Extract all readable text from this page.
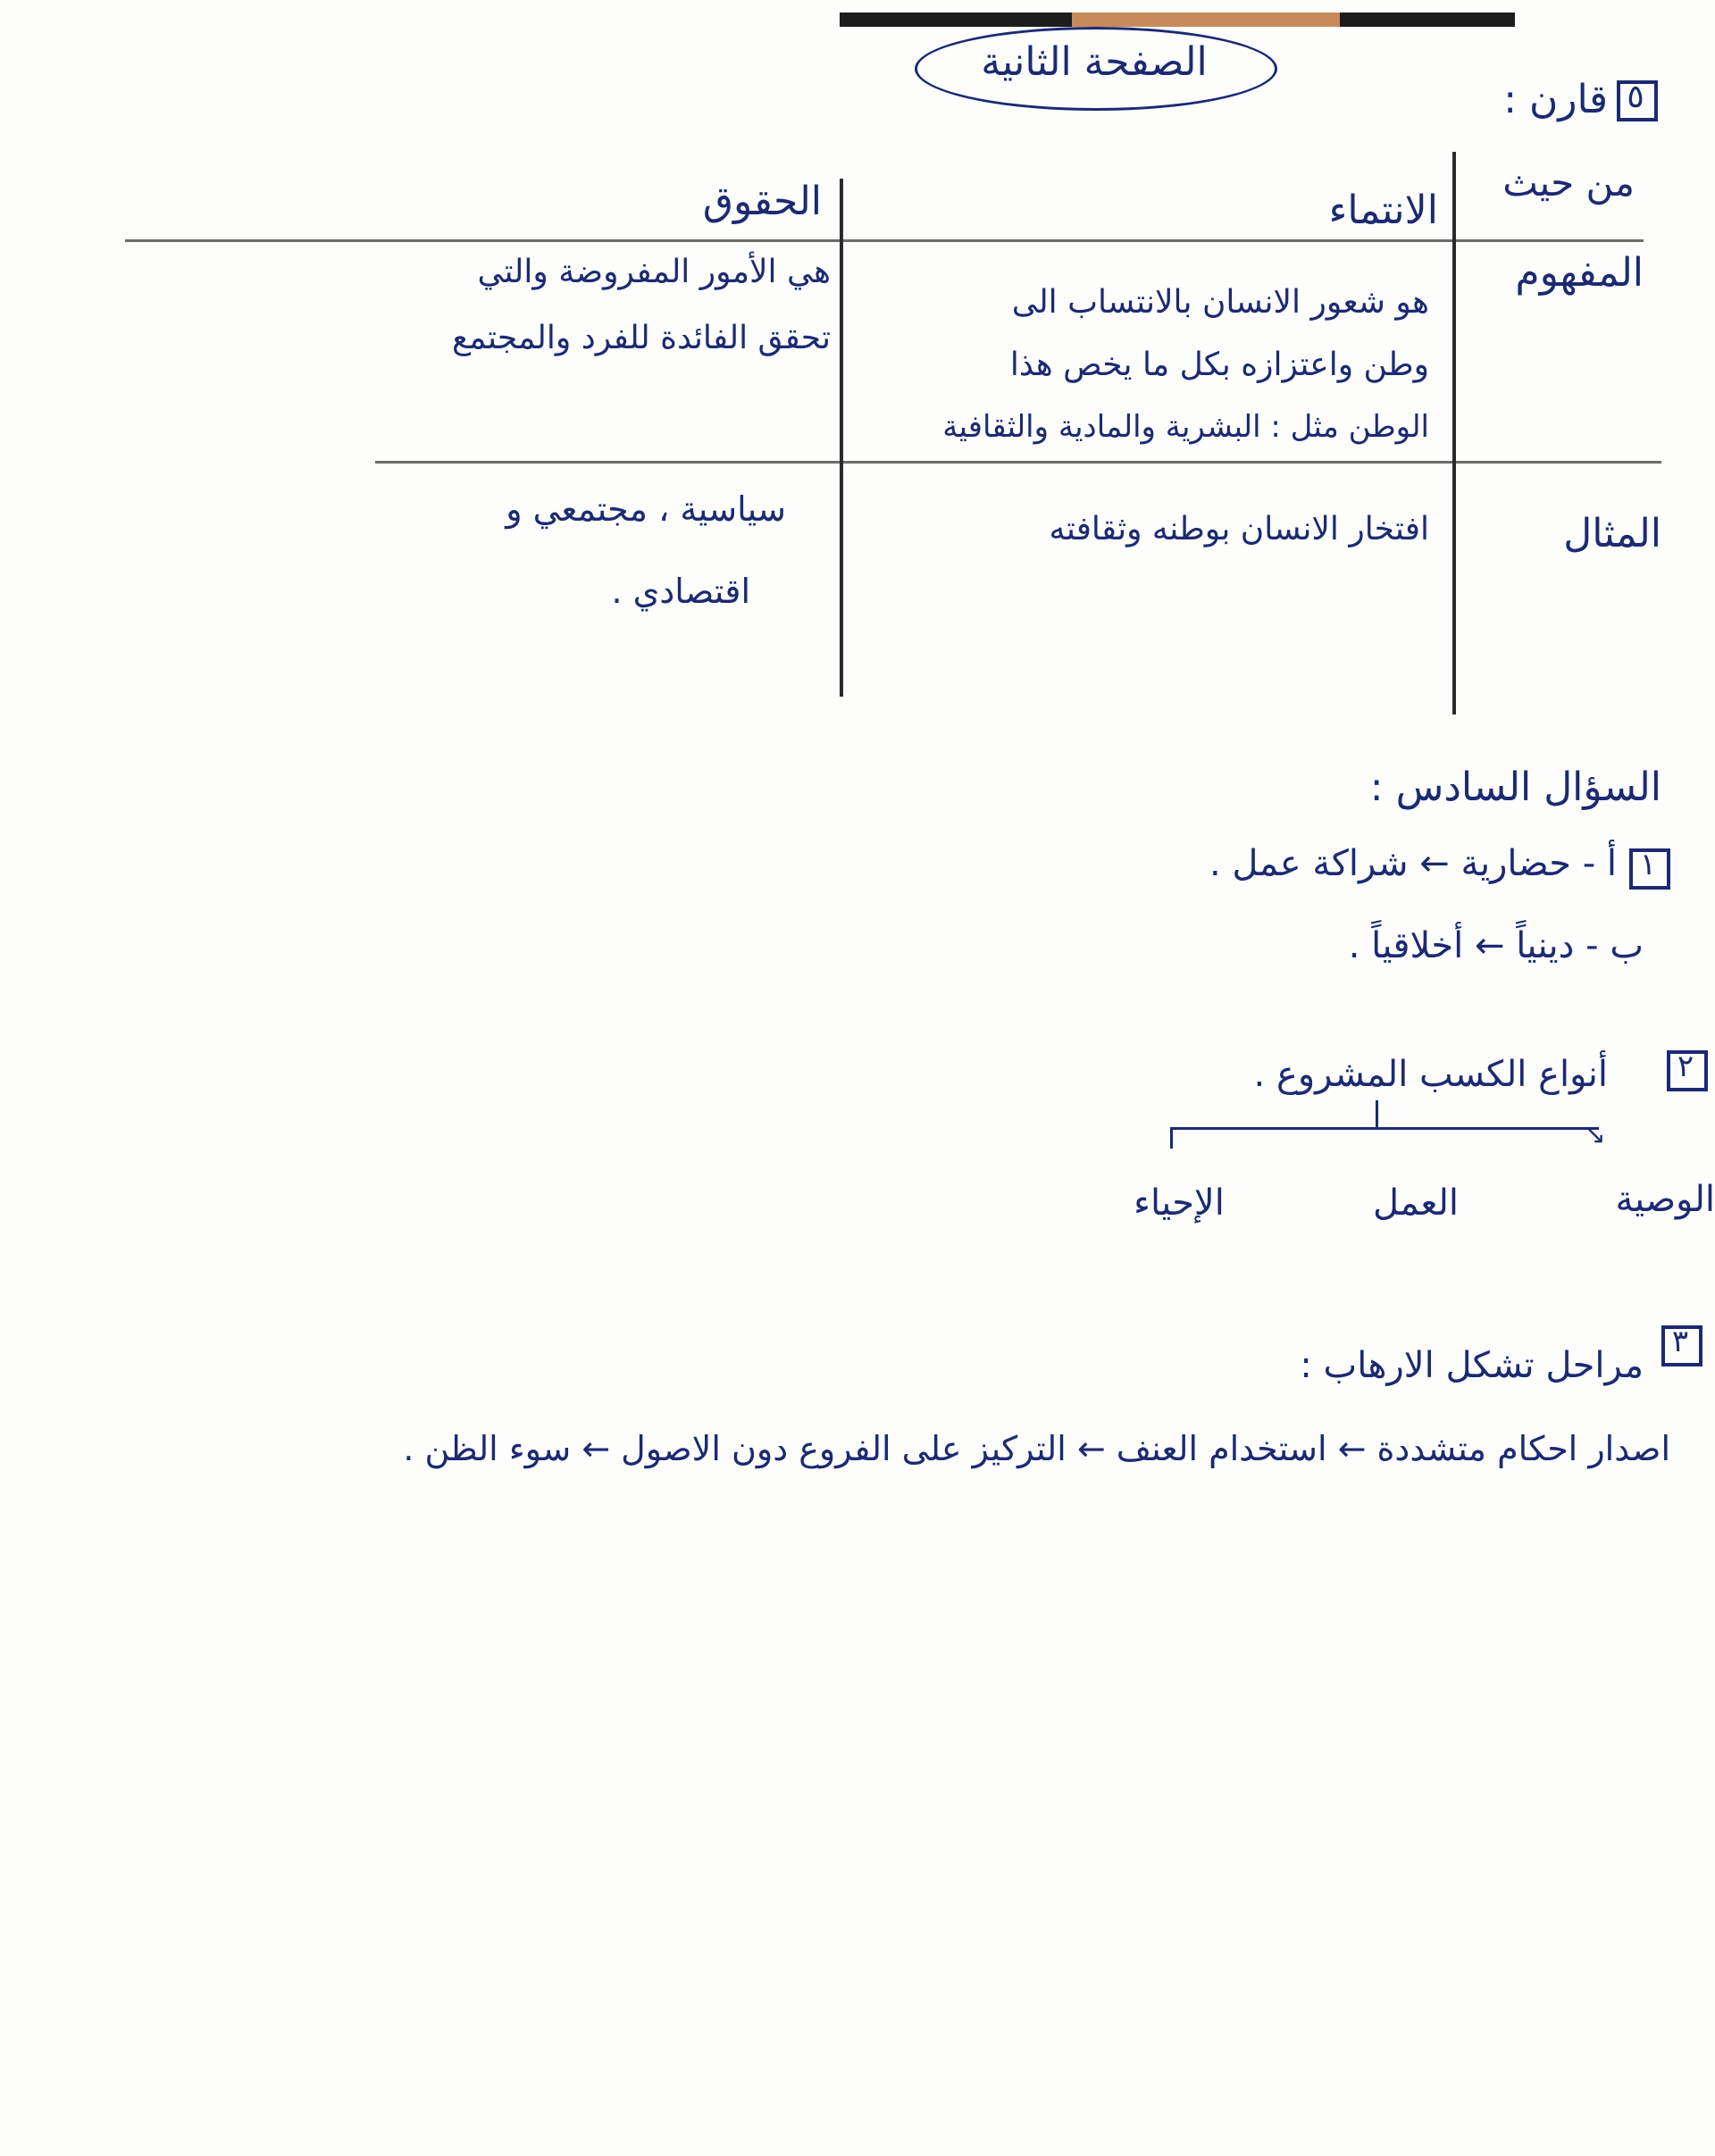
الصفحة الثانية
٥
قارن :
من حيث
الانتماء
الحقوق
المفهوم
هو شعور الانسان بالانتساب الى
وطن واعتزازه بكل ما يخص هذا
الوطن مثل : البشرية والمادية والثقافية
هي الأمور المفروضة والتي
تحقق الفائدة للفرد والمجتمع
المثال
افتخار الانسان بوطنه وثقافته
سياسية ، مجتمعي و
اقتصادي .
السؤال السادس :
١
أ - حضارية ← شراكة عمل .
ب - دينياً ← أخلاقياً .
٢
أنواع الكسب المشروع .
↘
الوصية
العمل
الإحياء
٣
مراحل تشكل الارهاب :
اصدار احكام متشددة ← استخدام العنف ← التركيز على الفروع دون الاصول ← سوء الظن .
